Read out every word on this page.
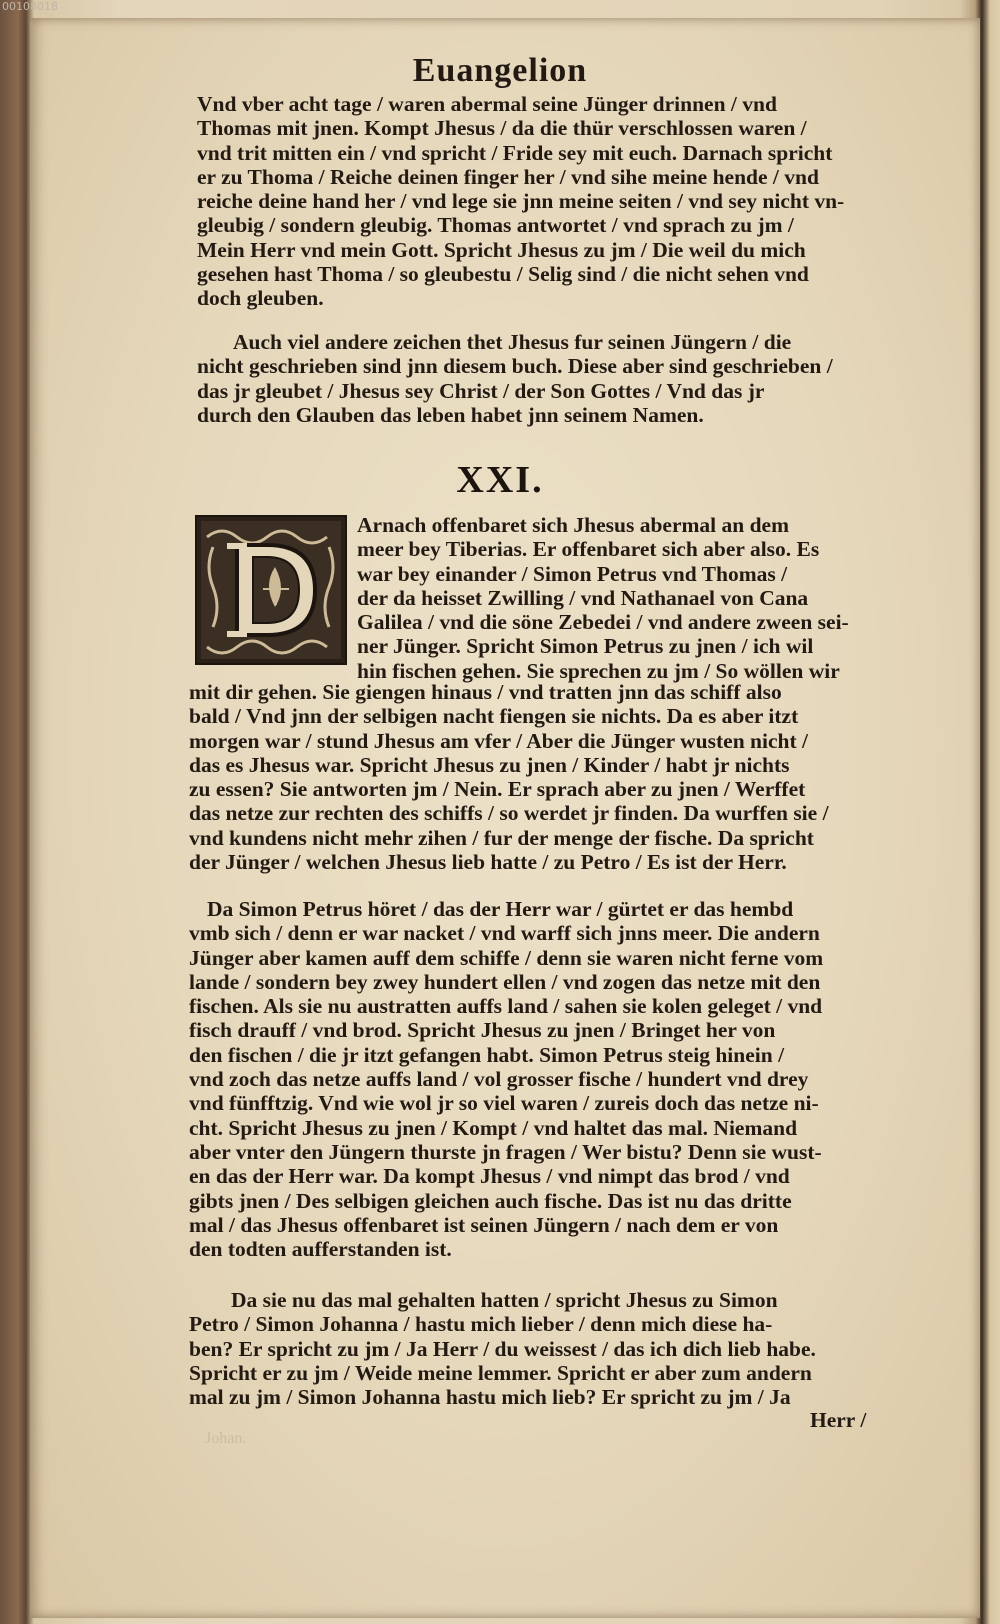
00108018
Euangelion
Vnd vber acht tage / waren abermal seine Jünger drinnen / vnd
Thomas mit jnen. Kompt Jhesus / da die thür verschlossen waren /
vnd trit mitten ein / vnd spricht / Fride sey mit euch. Darnach spricht
er zu Thoma / Reiche deinen finger her / vnd sihe meine hende / vnd
reiche deine hand her / vnd lege sie jnn meine seiten / vnd sey nicht vn-
gleubig / sondern gleubig. Thomas antwortet / vnd sprach zu jm /
Mein Herr vnd mein Gott. Spricht Jhesus zu jm / Die weil du mich
gesehen hast Thoma / so gleubestu / Selig sind / die nicht sehen vnd
doch gleuben.
Auch viel andere zeichen thet Jhesus fur seinen Jüngern / die
nicht geschrieben sind jnn diesem buch. Diese aber sind geschrieben /
das jr gleubet / Jhesus sey Christ / der Son Gottes / Vnd das jr
durch den Glauben das leben habet jnn seinem Namen.
XXI.
Arnach offenbaret sich Jhesus abermal an dem
meer bey Tiberias. Er offenbaret sich aber also. Es
war bey einander / Simon Petrus vnd Thomas /
der da heisset Zwilling / vnd Nathanael von Cana
Galilea / vnd die söne Zebedei / vnd andere zween sei-
ner Jünger. Spricht Simon Petrus zu jnen / ich wil
hin fischen gehen. Sie sprechen zu jm / So wöllen wir
mit dir gehen. Sie giengen hinaus / vnd tratten jnn das schiff also
bald / Vnd jnn der selbigen nacht fiengen sie nichts. Da es aber itzt
morgen war / stund Jhesus am vfer / Aber die Jünger wusten nicht /
das es Jhesus war. Spricht Jhesus zu jnen / Kinder / habt jr nichts
zu essen? Sie antworten jm / Nein. Er sprach aber zu jnen / Werffet
das netze zur rechten des schiffs / so werdet jr finden. Da wurffen sie /
vnd kundens nicht mehr zihen / fur der menge der fische. Da spricht
der Jünger / welchen Jhesus lieb hatte / zu Petro / Es ist der Herr.
Da Simon Petrus höret / das der Herr war / gürtet er das hembd
vmb sich / denn er war nacket / vnd warff sich jnns meer. Die andern
Jünger aber kamen auff dem schiffe / denn sie waren nicht ferne vom
lande / sondern bey zwey hundert ellen / vnd zogen das netze mit den
fischen. Als sie nu austratten auffs land / sahen sie kolen geleget / vnd
fisch drauff / vnd brod. Spricht Jhesus zu jnen / Bringet her von
den fischen / die jr itzt gefangen habt. Simon Petrus steig hinein /
vnd zoch das netze auffs land / vol grosser fische / hundert vnd drey
vnd fünfftzig. Vnd wie wol jr so viel waren / zureis doch das netze ni-
cht. Spricht Jhesus zu jnen / Kompt / vnd haltet das mal. Niemand
aber vnter den Jüngern thurste jn fragen / Wer bistu? Denn sie wust-
en das der Herr war. Da kompt Jhesus / vnd nimpt das brod / vnd
gibts jnen / Des selbigen gleichen auch fische. Das ist nu das dritte
mal / das Jhesus offenbaret ist seinen Jüngern / nach dem er von
den todten aufferstanden ist.
Da sie nu das mal gehalten hatten / spricht Jhesus zu Simon
Petro / Simon Johanna / hastu mich lieber / denn mich diese ha-
ben? Er spricht zu jm / Ja Herr / du weissest / das ich dich lieb habe.
Spricht er zu jm / Weide meine lemmer. Spricht er aber zum andern
mal zu jm / Simon Johanna hastu mich lieb? Er spricht zu jm / Ja
Herr /
Johan.
